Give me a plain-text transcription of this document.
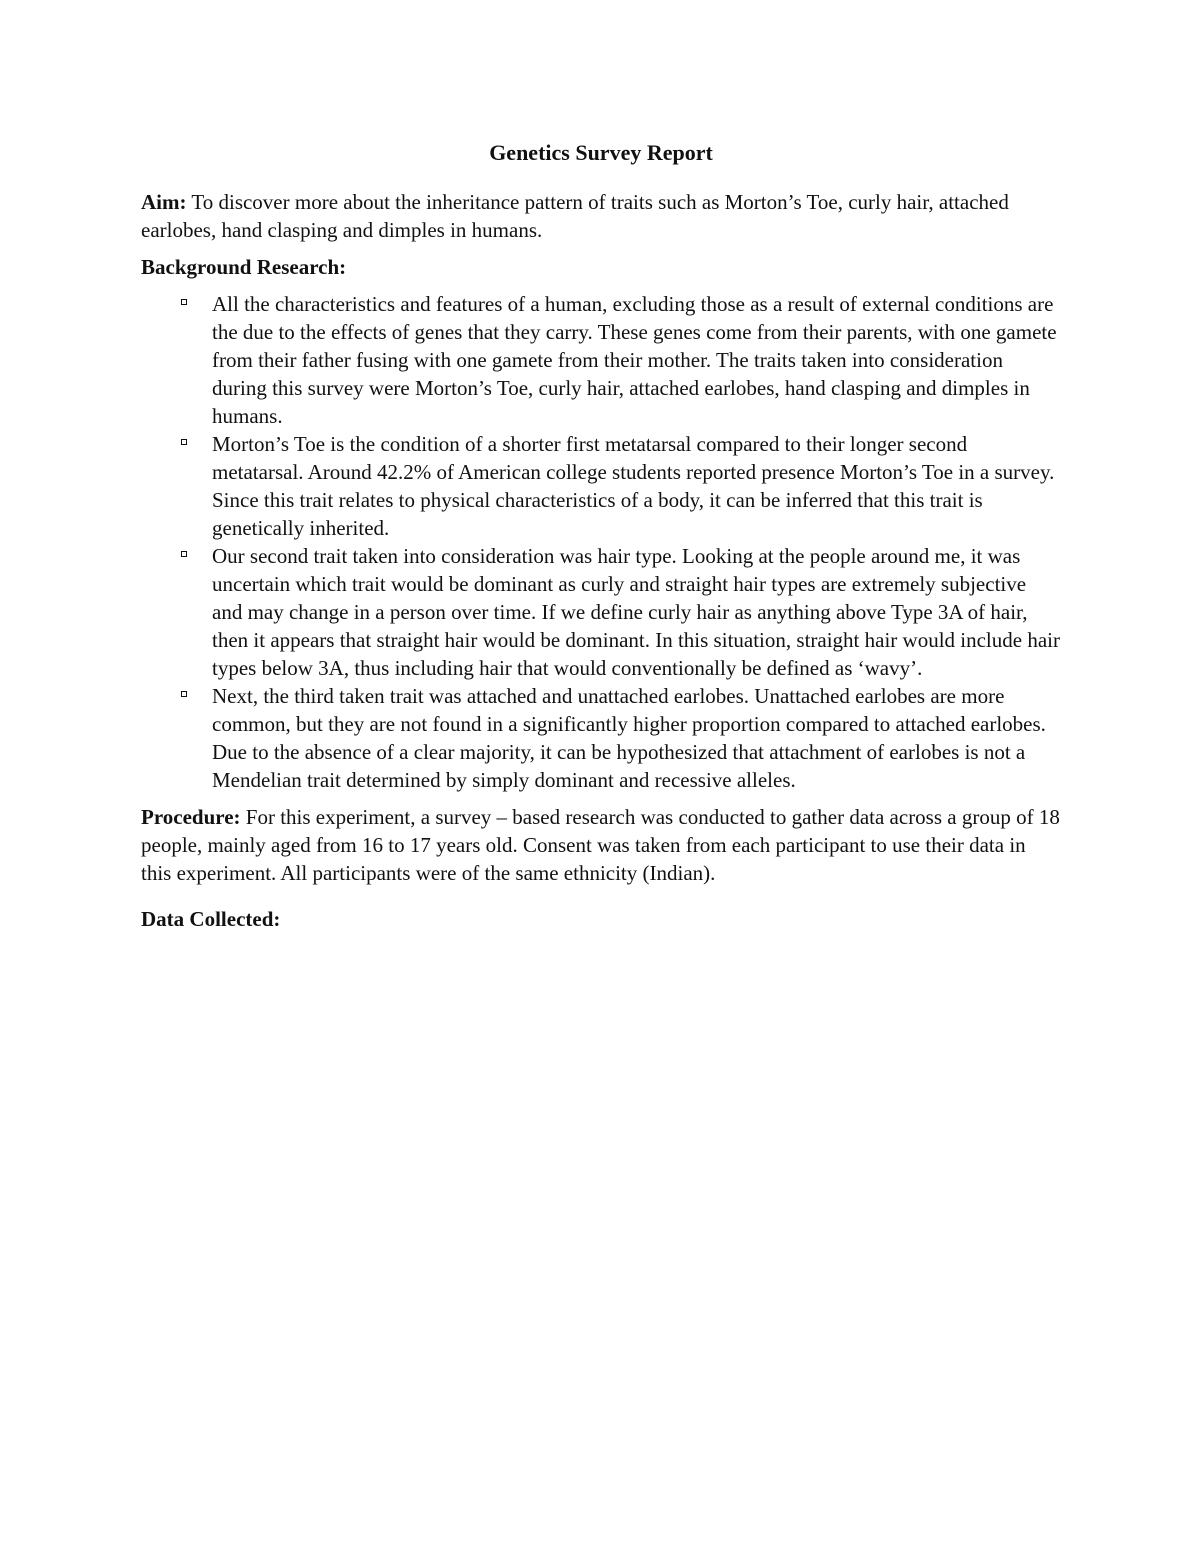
Genetics Survey Report

Aim: To discover more about the inheritance pattern of traits such as Morton’s Toe, curly hair, attached earlobes, hand clasping and dimples in humans.

Background Research:
All the characteristics and features of a human, excluding those as a result of external conditions are the due to the effects of genes that they carry. These genes come from their parents, with one gamete from their father fusing with one gamete from their mother. The traits taken into consideration during this survey were Morton’s Toe, curly hair, attached earlobes, hand clasping and dimples in humans.
Morton’s Toe is the condition of a shorter first metatarsal compared to their longer second metatarsal. Around 42.2% of American college students reported presence Morton’s Toe in a survey. Since this trait relates to physical characteristics of a body, it can be inferred that this trait is genetically inherited.
Our second trait taken into consideration was hair type. Looking at the people around me, it was uncertain which trait would be dominant as curly and straight hair types are extremely subjective and may change in a person over time. If we define curly hair as anything above Type 3A of hair, then it appears that straight hair would be dominant. In this situation, straight hair would include hair types below 3A, thus including hair that would conventionally be defined as ‘wavy’.
Next, the third taken trait was attached and unattached earlobes. Unattached earlobes are more common, but they are not found in a significantly higher proportion compared to attached earlobes. Due to the absence of a clear majority, it can be hypothesized that attachment of earlobes is not a Mendelian trait determined by simply dominant and recessive alleles.

Procedure: For this experiment, a survey – based research was conducted to gather data across a group of 18 people, mainly aged from 16 to 17 years old. Consent was taken from each participant to use their data in this experiment. All participants were of the same ethnicity (Indian).

Data Collected:
